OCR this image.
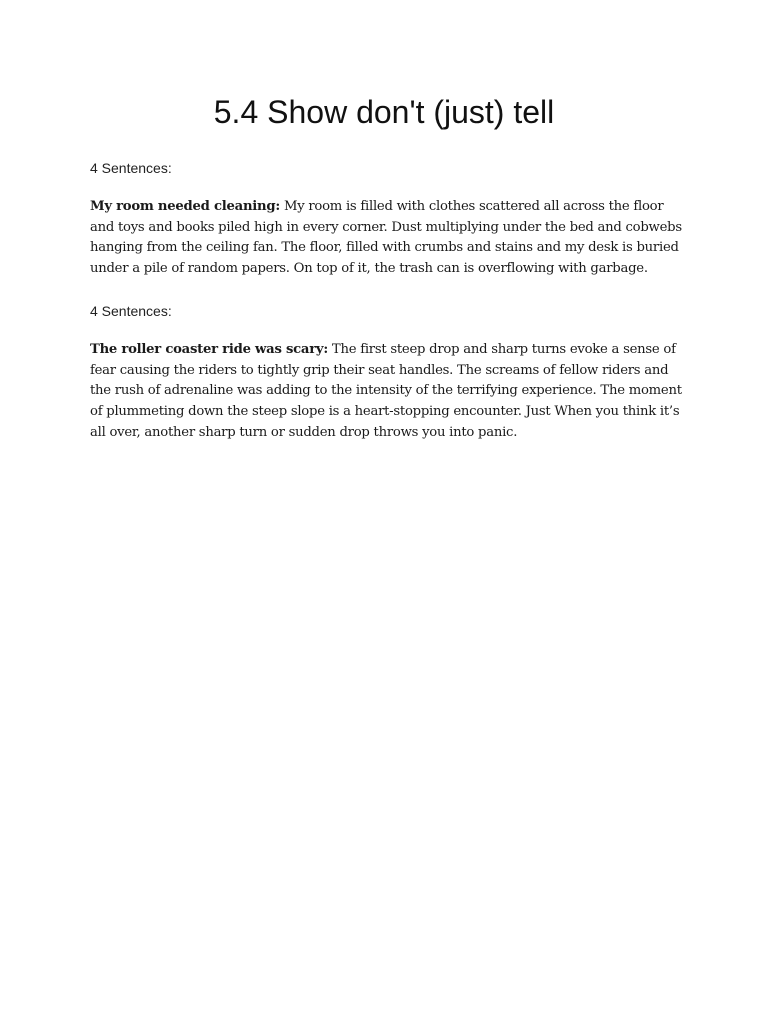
5.4 Show don't (just) tell
4 Sentences:

My room needed cleaning: My room is filled with clothes scattered all across the floor and toys and books piled high in every corner. Dust multiplying under the bed and cobwebs hanging from the ceiling fan. The floor, filled with crumbs and stains and my desk is buried under a pile of random papers. On top of it, the trash can is overflowing with garbage.

4 Sentences:

The roller coaster ride was scary: The first steep drop and sharp turns evoke a sense of fear causing the riders to tightly grip their seat handles. The screams of fellow riders and the rush of adrenaline was adding to the intensity of the terrifying experience. The moment of plummeting down the steep slope is a heart-stopping encounter. Just When you think it’s all over, another sharp turn or sudden drop throws you into panic.
